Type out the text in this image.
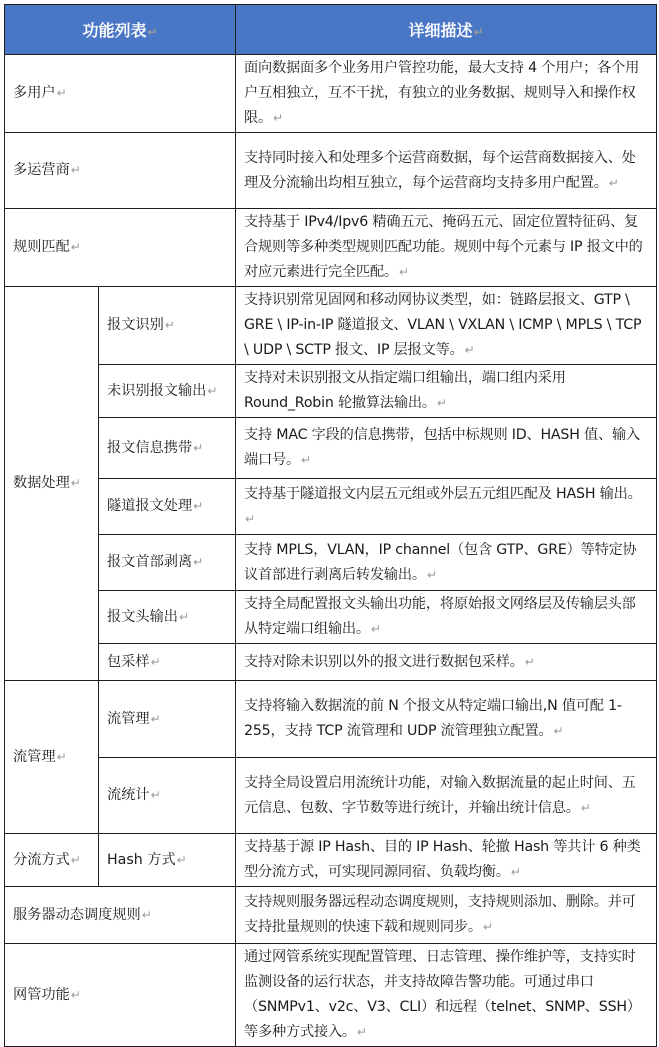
功能列表↵		详细描述↵
多用户↵		面向数据面多个业务用户管控功能，最大支持 4 个用户；各个用户互相独立，互不干扰，有独立的业务数据、规则导入和操作权限。↵
多运营商↵		支持同时接入和处理多个运营商数据，每个运营商数据接入、处理及分流输出均相互独立，每个运营商均支持多用户配置。↵
规则匹配↵		支持基于 IPv4/Ipv6 精确五元、掩码五元、固定位置特征码、复合规则等多种类型规则匹配功能。规则中每个元素与 IP 报文中的对应元素进行完全匹配。↵
数据处理↵	报文识别↵	支持识别常见固网和移动网协议类型，如：链路层报文、GTP \ GRE \ IP-in-IP 隧道报文、VLAN \ VXLAN \ ICMP \ MPLS \ TCP \ UDP \ SCTP 报文、IP 层报文等。↵
	未识别报文输出↵	支持对未识别报文从指定端口组输出，端口组内采用 Round_Robin 轮撤算法输出。↵
	报文信息携带↵	支持 MAC 字段的信息携带，包括中标规则 ID、HASH 值、输入端口号。↵
	隧道报文处理↵	支持基于隧道报文内层五元组或外层五元组匹配及 HASH 输出。↵
	报文首部剥离↵	支持 MPLS，VLAN，IP channel（包含 GTP、GRE）等特定协议首部进行剥离后转发输出。↵
	报文头输出↵	支持全局配置报文头输出功能，将原始报文网络层及传输层头部从特定端口组输出。↵
	包采样↵	支持对除未识别以外的报文进行数据包采样。↵
流管理↵	流管理↵	支持将输入数据流的前 N 个报文从特定端口输出,N 值可配 1-255，支持 TCP 流管理和 UDP 流管理独立配置。↵
	流统计↵	支持全局设置启用流统计功能，对输入数据流量的起止时间、五元信息、包数、字节数等进行统计，并输出统计信息。↵
分流方式↵	Hash 方式↵	支持基于源 IP Hash、目的 IP Hash、轮撤 Hash 等共计 6 种类型分流方式，可实现同源同宿、负载均衡。↵
服务器动态调度规则↵		支持规则服务器远程动态调度规则，支持规则添加、删除。并可支持批量规则的快速下载和规则同步。↵
网管功能↵		通过网管系统实现配置管理、日志管理、操作维护等，支持实时监测设备的运行状态，并支持故障告警功能。可通过串口（SNMPv1、v2c、V3、CLI）和远程（telnet、SNMP、SSH）等多种方式接入。↵
